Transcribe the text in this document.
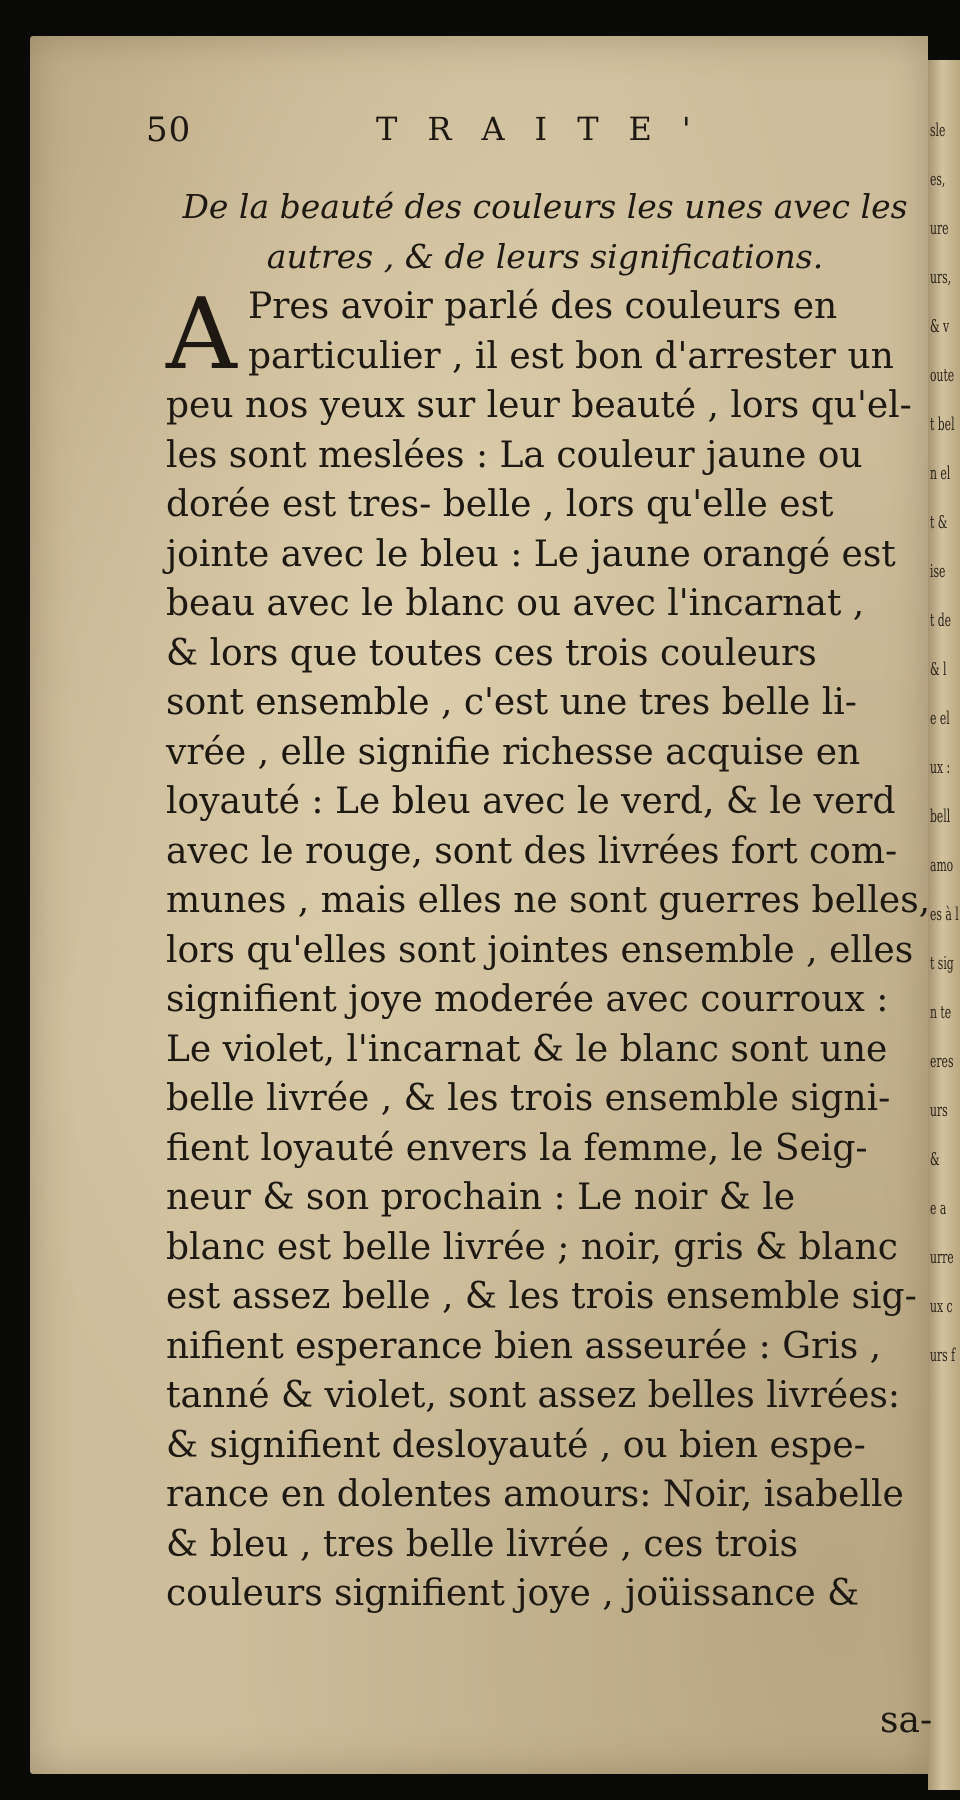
sle
es,
ure
urs,
& v
oute
t bel
n el
t &
ise
t de
& l
e el
ux :
bell
amo
es à l
t sig
n te
eres
urs
&
e a
urre
ux c
urs f
50	TRAITE'
De la beauté des couleurs les unes avec les
autres , & de leurs significations.
A Pres avoir parlé des couleurs en
particulier , il est bon d'arrester un
peu nos yeux sur leur beauté , lors qu'el-
les sont meslées : La couleur jaune ou
dorée est tres- belle , lors qu'elle est
jointe avec le bleu : Le jaune orangé est
beau avec le blanc ou avec l'incarnat ,
& lors que toutes ces trois couleurs
sont ensemble , c'est une tres belle li-
vrée , elle signifie richesse acquise en
loyauté : Le bleu avec le verd, & le verd
avec le rouge, sont des livrées fort com-
munes , mais elles ne sont guerres belles,
lors qu'elles sont jointes ensemble , elles
signifient joye moderée avec courroux :
Le violet, l'incarnat & le blanc sont une
belle livrée , & les trois ensemble signi-
fient loyauté envers la femme, le Seig-
neur & son prochain : Le noir & le
blanc est belle livrée ; noir, gris & blanc
est assez belle , & les trois ensemble sig-
nifient esperance bien asseurée : Gris ,
tanné & violet, sont assez belles livrées:
& signifient desloyauté , ou bien espe-
rance en dolentes amours: Noir, isabelle
& bleu , tres belle livrée , ces trois
couleurs signifient joye , joüissance &
sa-
